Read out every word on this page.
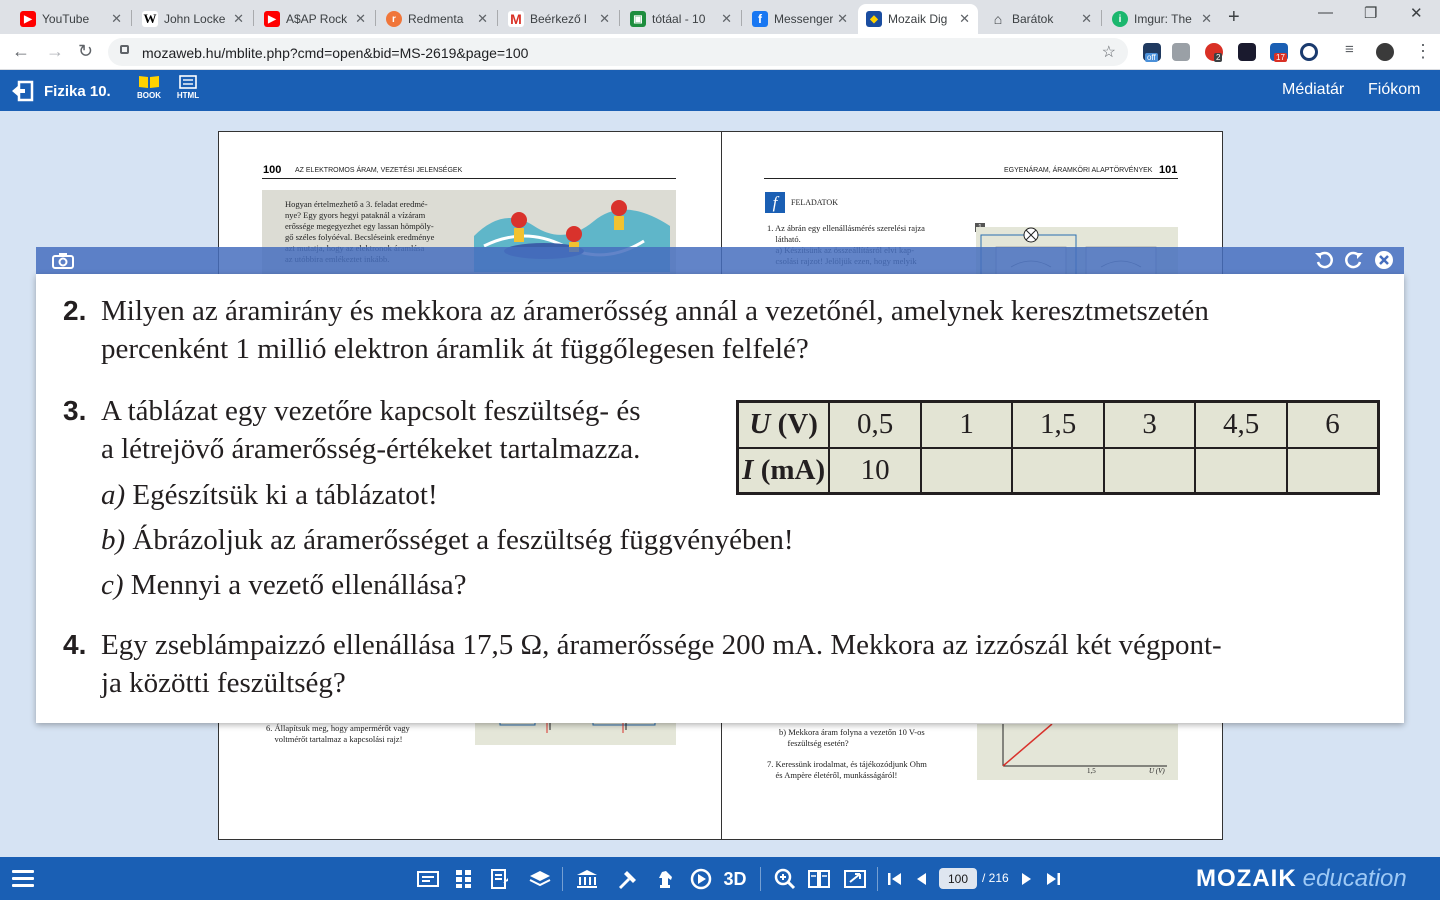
▶ YouTube	✕ W John Locke ✕	▶ A$AP Rock ✕	r	Redmenta	✕ M Beérkező l ✕	▣ tótáal - 10	✕	f	Messenger ✕	◆ Mozaik Dig ✕ ⌂ Barátok	✕	i	Imgur: The ✕ +	— ❐ ✕
← → ↻	mozaweb.hu/mblite.php?cmd=open&bid=MS-2619&page=100	☆	off	2	17	≡	⋮
Fizika 10.	BOOK HTML	Médiatár Fiókom
100 AZ ELEKTROMOS ÁRAM, VEZETÉSI JELENSÉGEK
Hogyan értelmezhető a 3. feladat eredmé-
nye? Egy gyors hegyi pataknál a vízáram
erőssége megegyezhet egy lassan hömpöly-
gő széles folyóéval. Becsléseink eredménye

6. Állapítsuk meg, hogy ampermérőt vagy
voltmérőt tartalmaz a kapcsolási rajz!
EGYENÁRAM, ÁRAMKÖRI ALAPTÖRVÉNYEK 101
f	FELADATOK
1. Az ábrán egy ellenállásmérés szerelési rajza
látható.

b) Mekkora áram folyna a vezetőn 10 V-os
feszültség esetén?
7. Keressünk irodalmat, és tájékozódjunk Ohm
és Ampère életéről, munkásságáról!	1,5	U (V)
2. Milyen az áramirány és mekkora az áramerősség annál a vezetőnél, amelynek keresztmetszetén
percenként 1 millió elektron áramlik át függőlegesen felfelé?
3. A táblázat egy vezetőre kapcsolt feszültség- és
a létrejövő áramerősség-értékeket tartalmazza.
a) Egészítsük ki a táblázatot!
b) Ábrázoljuk az áramerősséget a feszültség függvényében!
c) Mennyi a vezető ellenállása?
U (V)	0,5	1	1,5	3	4,5	6
I (mA)	10					
4. Egy zseblámpaizzó ellenállása 17,5 Ω, áramerőssége 200 mA. Mekkora az izzószál két végpont-
ja közötti feszültség?
3D
100	/ 216	MOZAIK education
